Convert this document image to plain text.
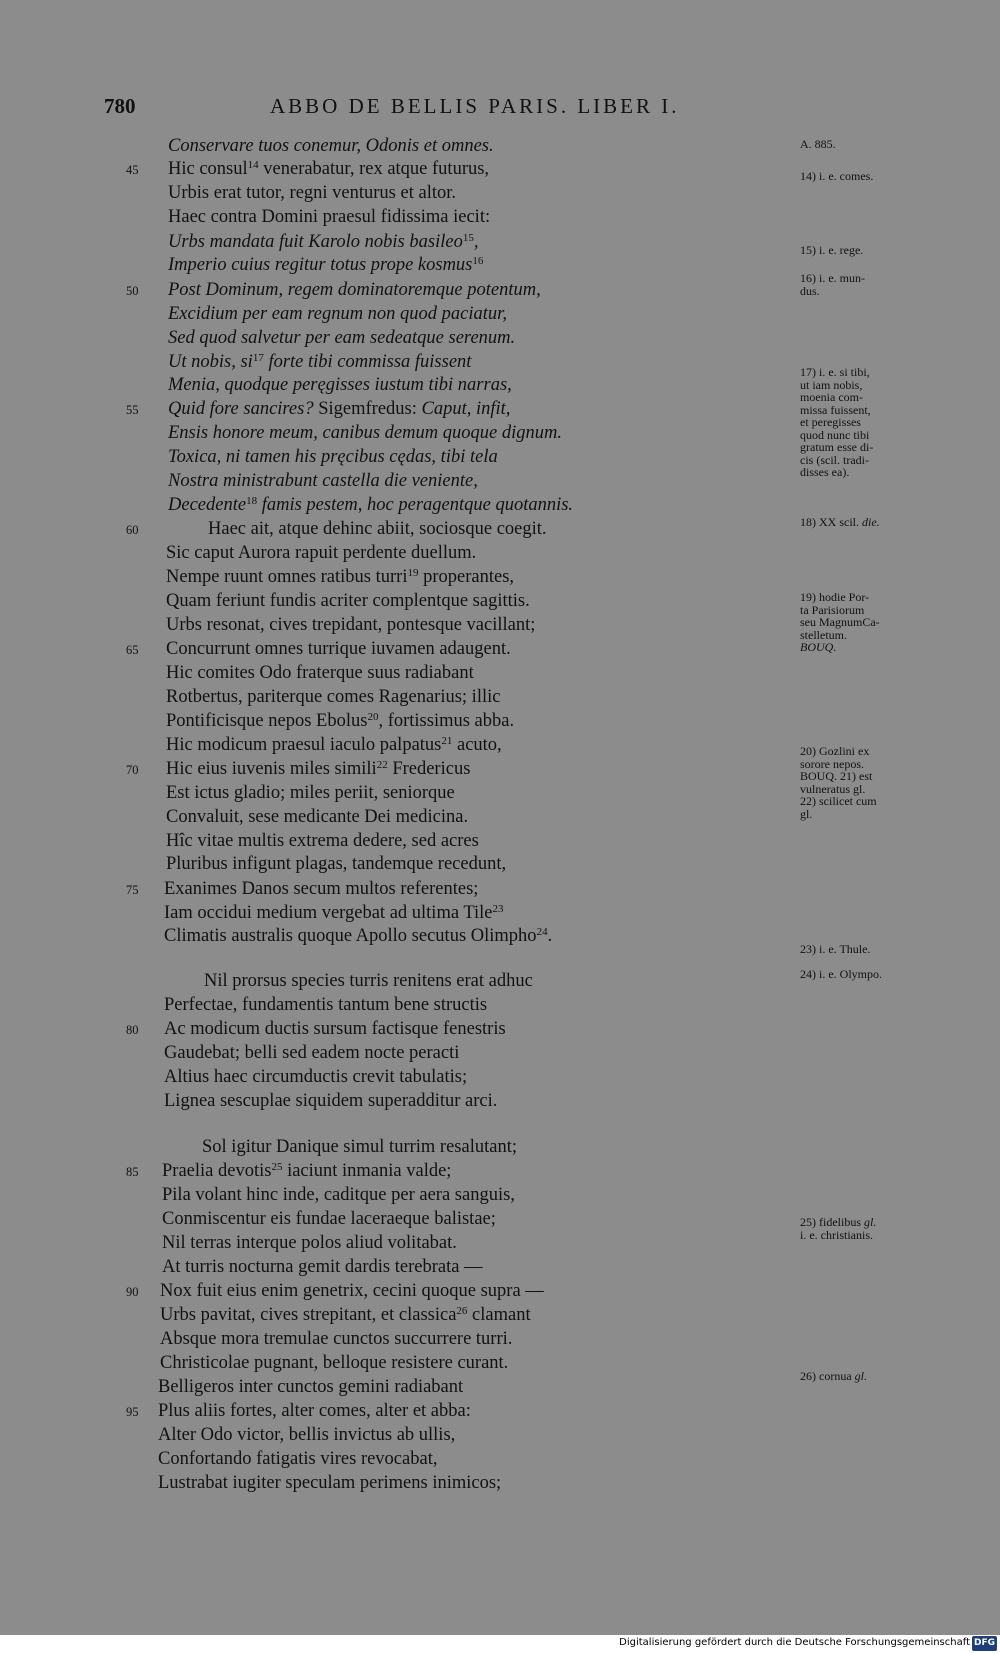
780	ABBO DE BELLIS PARIS. LIBER I.
Conservare tuos conemur, Odonis et omnes.
Hic consul$^{14}$ venerabatur, rex atque futurus,
Urbis erat tutor, regni venturus et altor.
Haec contra Domini praesul fidissima iecit:
Urbs mandata fuit Karolo nobis basileo$^{15}$,
Imperio cuius regitur totus prope kosmus$^{16}$
Post Dominum, regem dominatoremque potentum,
Excidium per eam regnum non quod paciatur,
Sed quod salvetur per eam sedeatque serenum.
Ut nobis, $si^{17}$ forte tibi commissa fuissent
Menia, quodque peręgisses iustum tibi narras,
Quid fore sancires? Sigemfredus: Caput, infit,
Ensis honore meum, canibus demum quoque dignum.
Toxica, ni tamen his pręcibus cędas, tibi tela
Nostra ministrabunt castella die veniente,
Decedente$^{18}$ famis pestem, hoc peragentque quotannis.
Haec ait, atque dehinc abiit, sociosque coegit.
Sic caput Aurora rapuit perdente duellum.
Nempe ruunt omnes ratibus turri$^{19}$ properantes,
Quam feriunt fundis acriter complentque sagittis.
Urbs resonat, cives trepidant, pontesque vacillant;
Concurrunt omnes turrique iuvamen adaugent.
Hic comites Odo fraterque suus radiabant
Rotbertus, pariterque comes Ragenarius; illic
Pontificisque nepos Ebolus$^{20}$, fortissimus abba.
Hic modicum praesul iaculo palpatus$^{21}$ acuto,
Hic eius iuvenis miles simili$^{22}$ Fredericus
Est ictus gladio; miles periit, seniorque
Convaluit, sese medicante Dei medicina.
Hîc vitae multis extrema dedere, sed acres
Pluribus infigunt plagas, tandemque recedunt,
Exanimes Danos secum multos referentes;
Iam occidui medium vergebat ad ultima Tile$^{23}$
Climatis australis quoque Apollo secutus Olimpho$^{24}$.
Nil prorsus species turris renitens erat adhuc
Perfectae, fundamentis tantum bene structis
Ac modicum ductis sursum factisque fenestris
Gaudebat; belli sed eadem nocte peracti
Altius haec circumductis crevit tabulatis;
Lignea sescuplae siquidem superadditur arci.
Sol igitur Danique simul turrim resalutant;
Praelia devotis$^{25}$ iaciunt inmania valde;
Pila volant hinc inde, caditque per aera sanguis,
Conmiscentur eis fundae laceraeque balistae;
Nil terras interque polos aliud volitabat.
At turris nocturna gemit dardis terebrata —
Nox fuit eius enim genetrix, cecini quoque supra —
Urbs pavitat, cives strepitant, et classica$^{26}$ clamant
Absque mora tremulae cunctos succurrere turri.
Christicolae pugnant, belloque resistere curant.
Belligeros inter cunctos gemini radiabant
Plus aliis fortes, alter comes, alter et abba:
Alter Odo victor, bellis invictus ab ullis,
Confortando fatigatis vires revocabat,
Lustrabat iugiter speculam perimens inimicos;
45
50
55
60
65
70
75
80
85
90
95
A. 885.
14) i. e. comes.
15) i. e. rege.
16) i. e. mun-
dus.
17) i. e. si tibi,
ut iam nobis,
moenia com-
missa fuissent,
et peregisses
quod nunc tibi
gratum esse di-
cis (scil. tradi-
disses ea).
18) XX scil. die.
19) hodie Por-
ta Parisiorum
seu MagnumCa-
stelletum.
BOUQ.
20) Gozlini ex
sorore nepos.
BOUQ. 21) est
vulneratus gl.
22) scilicet cum
gl.
23) i. e. Thule.
24) i. e. Olympo.
25) fidelibus gl.
i. e. christianis.
26) cornua gl.
Digitalisierung gefördert durch die Deutsche Forschungsgemeinschaft DFG
